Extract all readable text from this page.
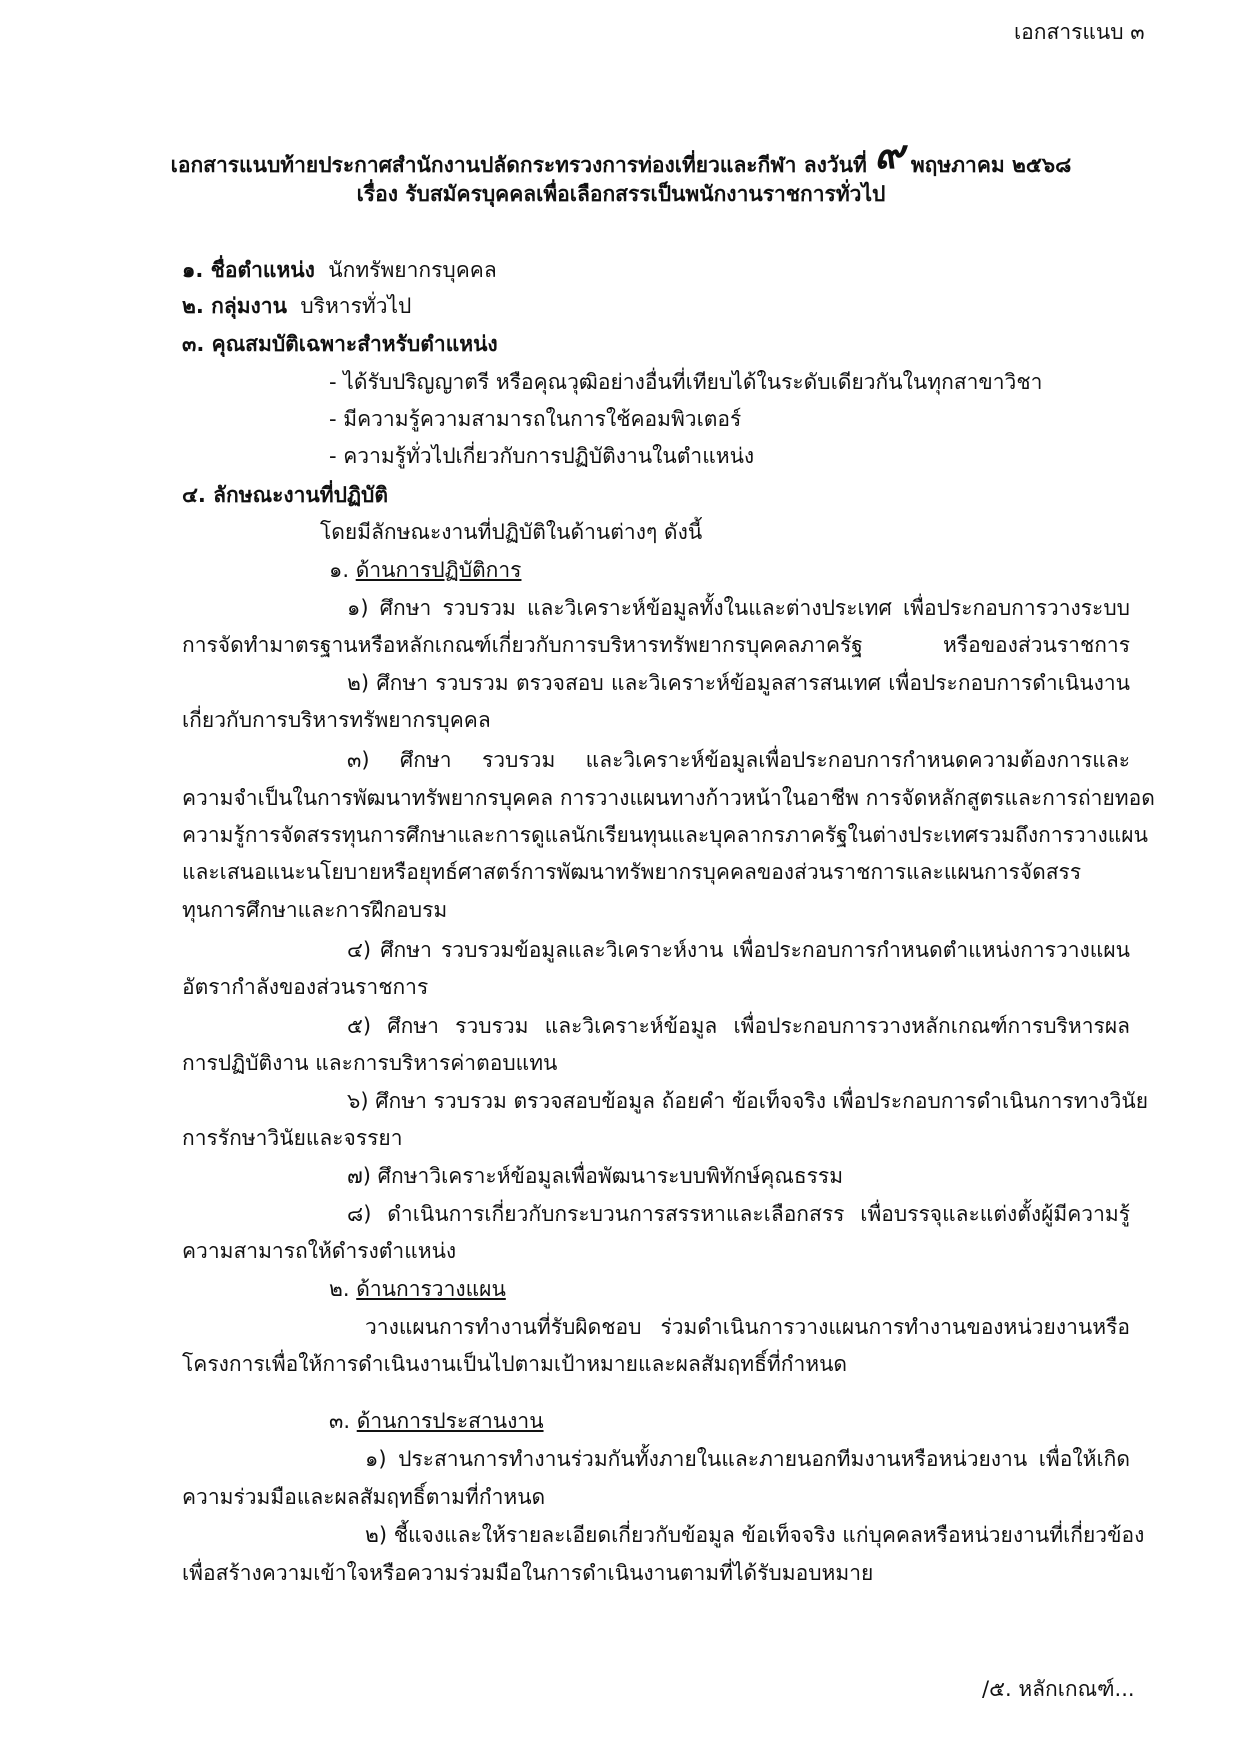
เอกสารแนบ ๓
เอกสารแนบท้ายประกาศสำนักงานปลัดกระทรวงการท่องเที่ยวและกีฬา ลงวันที่ ๙ พฤษภาคม ๒๕๖๘
เรื่อง รับสมัครบุคคลเพื่อเลือกสรรเป็นพนักงานราชการทั่วไป
๑. ชื่อตำแหน่ง นักทรัพยากรบุคคล
๒. กลุ่มงาน บริหารทั่วไป
๓. คุณสมบัติเฉพาะสำหรับตำแหน่ง
- ได้รับปริญญาตรี หรือคุณวุฒิอย่างอื่นที่เทียบได้ในระดับเดียวกันในทุกสาขาวิชา
- มีความรู้ความสามารถในการใช้คอมพิวเตอร์
- ความรู้ทั่วไปเกี่ยวกับการปฏิบัติงานในตำแหน่ง
๔. ลักษณะงานที่ปฏิบัติ
โดยมีลักษณะงานที่ปฏิบัติในด้านต่างๆ ดังนี้
๑. ด้านการปฏิบัติการ
๑) ศึกษา รวบรวม และวิเคราะห์ข้อมูลทั้งในและต่างประเทศ เพื่อประกอบการวางระบบ
การจัดทำมาตรฐานหรือหลักเกณฑ์เกี่ยวกับการบริหารทรัพยากรบุคคลภาครัฐ หรือของส่วนราชการ
๒) ศึกษา รวบรวม ตรวจสอบ และวิเคราะห์ข้อมูลสารสนเทศ เพื่อประกอบการดำเนินงาน
เกี่ยวกับการบริหารทรัพยากรบุคคล
๓) ศึกษา รวบรวม และวิเคราะห์ข้อมูลเพื่อประกอบการกำหนดความต้องการและ
ความจำเป็นในการพัฒนาทรัพยากรบุคคล การวางแผนทางก้าวหน้าในอาชีพ การจัดหลักสูตรและการถ่ายทอด
ความรู้การจัดสรรทุนการศึกษาและการดูแลนักเรียนทุนและบุคลากรภาครัฐในต่างประเทศรวมถึงการวางแผน
และเสนอแนะนโยบายหรือยุทธ์ศาสตร์การพัฒนาทรัพยากรบุคคลของส่วนราชการและแผนการจัดสรร
ทุนการศึกษาและการฝึกอบรม
๔) ศึกษา รวบรวมข้อมูลและวิเคราะห์งาน เพื่อประกอบการกำหนดตำแหน่งการวางแผน
อัตรากำลังของส่วนราชการ
๕) ศึกษา รวบรวม และวิเคราะห์ข้อมูล เพื่อประกอบการวางหลักเกณฑ์การบริหารผล
การปฏิบัติงาน และการบริหารค่าตอบแทน
๖) ศึกษา รวบรวม ตรวจสอบข้อมูล ถ้อยคำ ข้อเท็จจริง เพื่อประกอบการดำเนินการทางวินัย
การรักษาวินัยและจรรยา
๗) ศึกษาวิเคราะห์ข้อมูลเพื่อพัฒนาระบบพิทักษ์คุณธรรม
๘) ดำเนินการเกี่ยวกับกระบวนการสรรหาและเลือกสรร เพื่อบรรจุและแต่งตั้งผู้มีความรู้
ความสามารถให้ดำรงตำแหน่ง
๒. ด้านการวางแผน
วางแผนการทำงานที่รับผิดชอบ ร่วมดำเนินการวางแผนการทำงานของหน่วยงานหรือ
โครงการเพื่อให้การดำเนินงานเป็นไปตามเป้าหมายและผลสัมฤทธิ์ที่กำหนด
๓. ด้านการประสานงาน
๑) ประสานการทำงานร่วมกันทั้งภายในและภายนอกทีมงานหรือหน่วยงาน เพื่อให้เกิด
ความร่วมมือและผลสัมฤทธิ์ตามที่กำหนด
๒) ชี้แจงและให้รายละเอียดเกี่ยวกับข้อมูล ข้อเท็จจริง แก่บุคคลหรือหน่วยงานที่เกี่ยวข้อง
เพื่อสร้างความเข้าใจหรือความร่วมมือในการดำเนินงานตามที่ได้รับมอบหมาย
/๕. หลักเกณฑ์...
